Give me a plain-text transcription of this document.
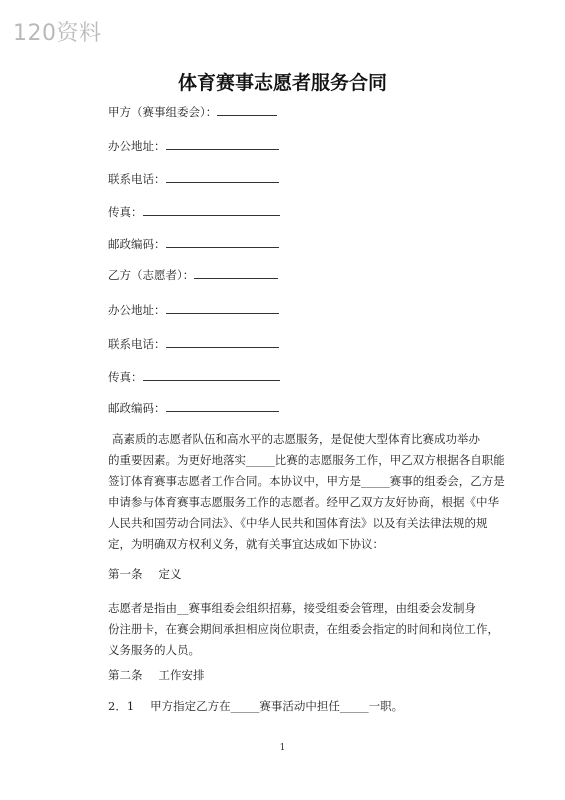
120资料
体育赛事志愿者服务合同
甲方（赛事组委会）：
办公地址：
联系电话：
传真：
邮政编码：
乙方（志愿者）：
办公地址：
联系电话：
传真：
邮政编码：
高素质的志愿者队伍和高水平的志愿服务，是促使大型体育比赛成功举办
的重要因素。为更好地落实_____比赛的志愿服务工作，甲乙双方根据各自职能
签订体育赛事志愿者工作合同。本协议中，甲方是_____赛事的组委会，乙方是
申请参与体育赛事志愿服务工作的志愿者。经甲乙双方友好协商，根据《中华
人民共和国劳动合同法》、《中华人民共和国体育法》以及有关法律法规的规
定，为明确双方权利义务，就有关事宜达成如下协议：
第一条 定义
志愿者是指由__赛事组委会组织招募，接受组委会管理，由组委会发制身
份注册卡，在赛会期间承担相应岗位职责，在组委会指定的时间和岗位工作，
义务服务的人员。
第二条 工作安排
2．1 甲方指定乙方在_____赛事活动中担任_____一职。
1
